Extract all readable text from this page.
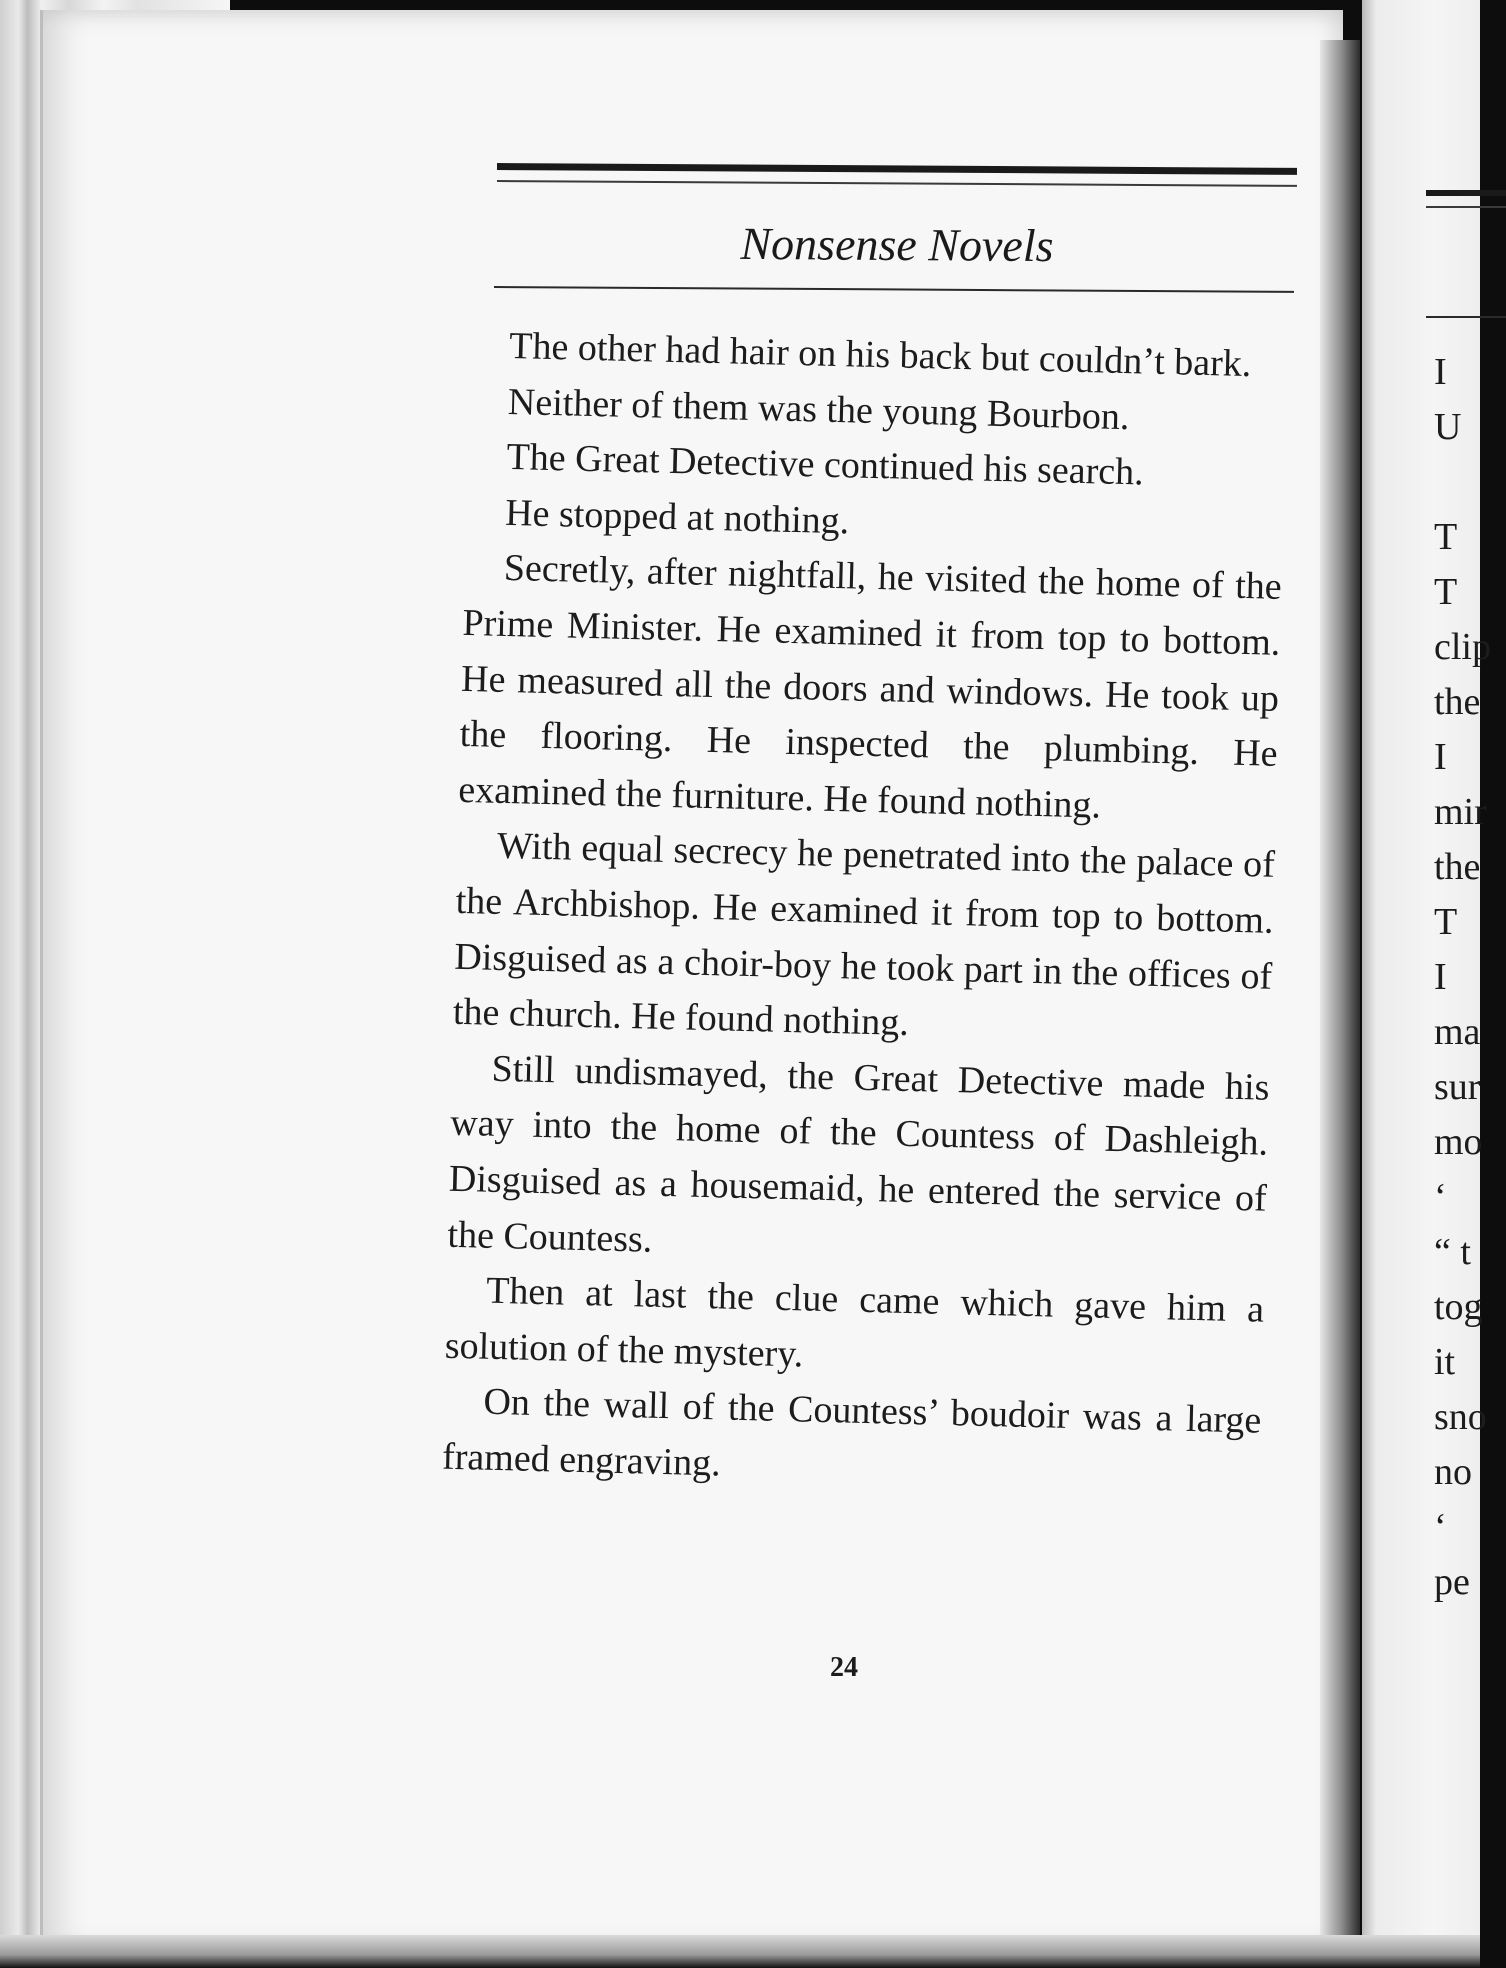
Nonsense Novels

The other had hair on his back but couldn’t bark.

Neither of them was the young Bourbon.

The Great Detective continued his search.

He stopped at nothing.

Secretly, after nightfall, he visited the home of the Prime Minister. He examined it from top to bottom. He measured all the doors and windows. He took up the flooring. He inspected the plumbing. He examined the furniture. He found nothing.

With equal secrecy he penetrated into the palace of the Archbishop. He examined it from top to bottom. Disguised as a choir-boy he took part in the offices of the church. He found nothing.

Still undismayed, the Great Detective made his way into the home of the Countess of Dashleigh. Disguised as a housemaid, he entered the service of the Countess.

Then at last the clue came which gave him a solution of the mystery.

On the wall of the Countess’ boudoir was a large framed engraving.

24
I
U
T
T
clip
the
I
mir
the
T
I
ma
sur
mo
‘
“ t
tog
it
sno
no
‘
pe
